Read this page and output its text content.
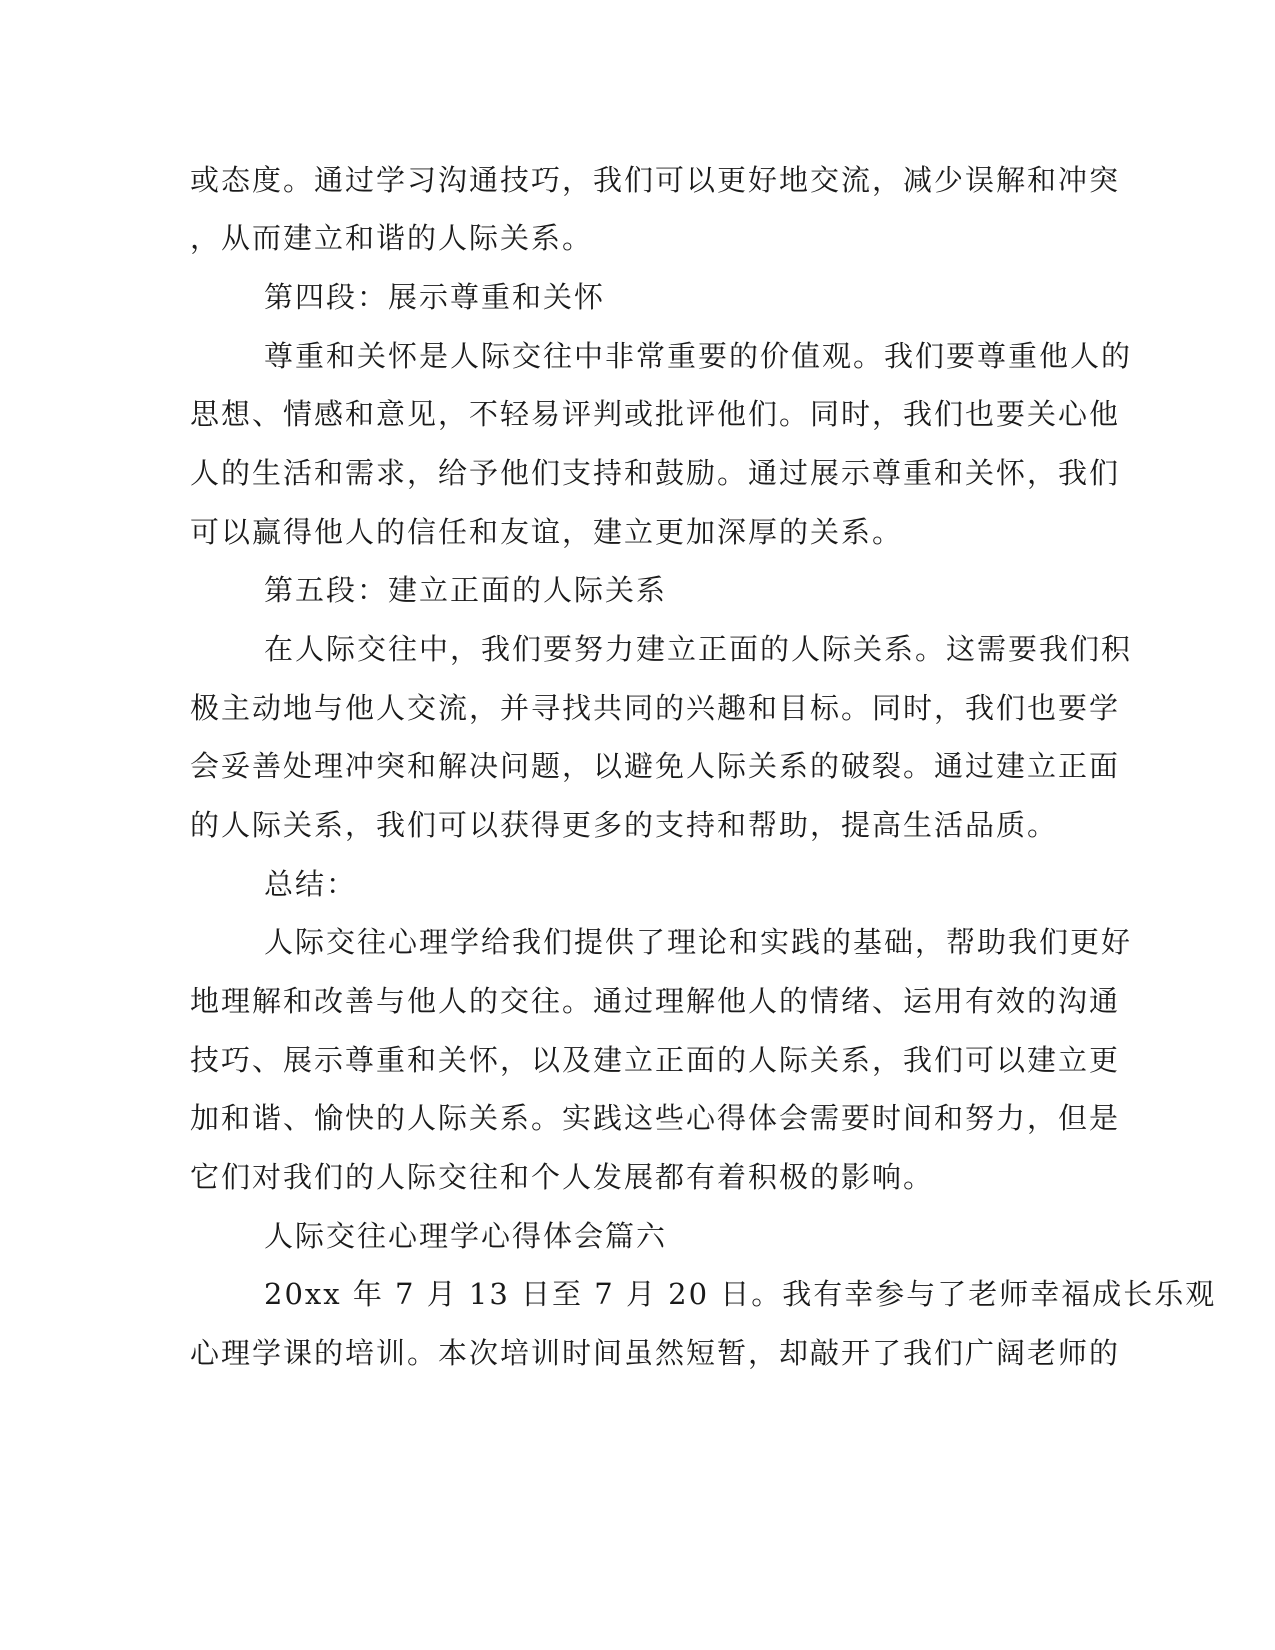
或态度。通过学习沟通技巧，我们可以更好地交流，减少误解和冲突
，从而建立和谐的人际关系。
第四段：展示尊重和关怀
尊重和关怀是人际交往中非常重要的价值观。我们要尊重他人的
思想、情感和意见，不轻易评判或批评他们。同时，我们也要关心他
人的生活和需求，给予他们支持和鼓励。通过展示尊重和关怀，我们
可以赢得他人的信任和友谊，建立更加深厚的关系。
第五段：建立正面的人际关系
在人际交往中，我们要努力建立正面的人际关系。这需要我们积
极主动地与他人交流，并寻找共同的兴趣和目标。同时，我们也要学
会妥善处理冲突和解决问题，以避免人际关系的破裂。通过建立正面
的人际关系，我们可以获得更多的支持和帮助，提高生活品质。
总结：
人际交往心理学给我们提供了理论和实践的基础，帮助我们更好
地理解和改善与他人的交往。通过理解他人的情绪、运用有效的沟通
技巧、展示尊重和关怀，以及建立正面的人际关系，我们可以建立更
加和谐、愉快的人际关系。实践这些心得体会需要时间和努力，但是
它们对我们的人际交往和个人发展都有着积极的影响。
人际交往心理学心得体会篇六
20xx 年 7 月 13 日至 7 月 20 日。我有幸参与了老师幸福成长乐观
心理学课的培训。本次培训时间虽然短暂，却敲开了我们广阔老师的
